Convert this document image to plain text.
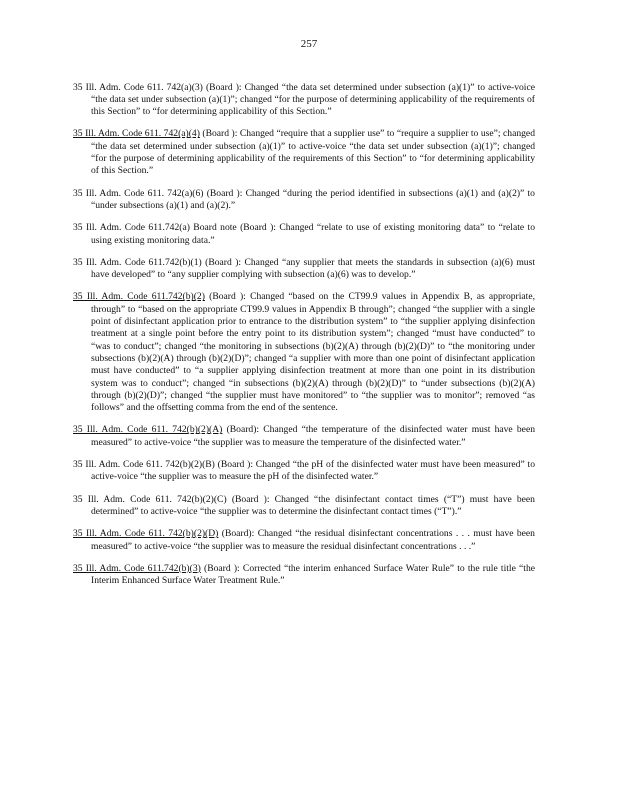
257

35 Ill. Adm. Code 611. 742(a)(3) (Board ): Changed “the data set determined under subsection (a)(1)” to active-voice “the data set under subsection (a)(1)”; changed “for the purpose of determining applicability of the requirements of this Section” to “for determining applicability of this Section.”

35 Ill. Adm. Code 611. 742(a)(4) (Board ): Changed “require that a supplier use” to “require a supplier to use”; changed “the data set determined under subsection (a)(1)” to active-voice “the data set under subsection (a)(1)”; changed “for the purpose of determining applicability of the requirements of this Section” to “for determining applicability of this Section.”

35 Ill. Adm. Code 611. 742(a)(6) (Board ): Changed “during the period identified in subsections (a)(1) and (a)(2)” to “under subsections (a)(1) and (a)(2).”

35 Ill. Adm. Code 611.742(a) Board note (Board ): Changed “relate to use of existing monitoring data” to “relate to using existing monitoring data.”

35 Ill. Adm. Code 611.742(b)(1) (Board ): Changed “any supplier that meets the standards in subsection (a)(6) must have developed” to “any supplier complying with subsection (a)(6) was to develop.”

35 Ill. Adm. Code 611.742(b)(2) (Board ): Changed “based on the CT99.9 values in Appendix B, as appropriate, through” to “based on the appropriate CT99.9 values in Appendix B through”; changed “the supplier with a single point of disinfectant application prior to entrance to the distribution system” to “the supplier applying disinfection treatment at a single point before the entry point to its distribution system”; changed “must have conducted” to “was to conduct”; changed “the monitoring in subsections (b)(2)(A) through (b)(2)(D)” to “the monitoring under subsections (b)(2)(A) through (b)(2)(D)”; changed “a supplier with more than one point of disinfectant application must have conducted” to “a supplier applying disinfection treatment at more than one point in its distribution system was to conduct”; changed “in subsections (b)(2)(A) through (b)(2)(D)” to “under subsections (b)(2)(A) through (b)(2)(D)”; changed “the supplier must have monitored” to “the supplier was to monitor”; removed “as follows” and the offsetting comma from the end of the sentence.

35 Ill. Adm. Code 611. 742(b)(2)(A) (Board): Changed “the temperature of the disinfected water must have been measured” to active-voice “the supplier was to measure the temperature of the disinfected water.”

35 Ill. Adm. Code 611. 742(b)(2)(B) (Board ): Changed “the pH of the disinfected water must have been measured” to active-voice “the supplier was to measure the pH of the disinfected water.”

35 Ill. Adm. Code 611. 742(b)(2)(C) (Board ): Changed “the disinfectant contact times (“T”) must have been determined” to active-voice “the supplier was to determine the disinfectant contact times (“T”).”

35 Ill. Adm. Code 611. 742(b)(2)(D) (Board): Changed “the residual disinfectant concentrations . . . must have been measured” to active-voice “the supplier was to measure the residual disinfectant concentrations . . .”

35 Ill. Adm. Code 611.742(b)(3) (Board ): Corrected “the interim enhanced Surface Water Rule” to the rule title “the Interim Enhanced Surface Water Treatment Rule.”
